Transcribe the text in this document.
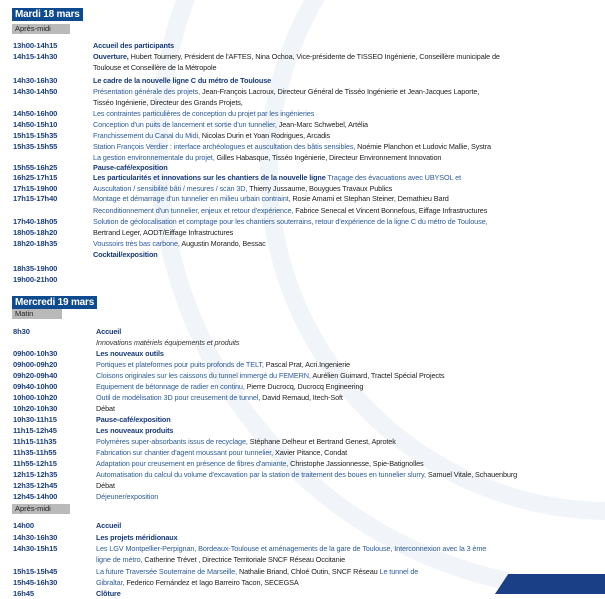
Mardi 18 mars
Après-midi
13h00-14h15	Accueil des participants
14h15-14h30	Ouverture, Hubert Tournery, Président de l'AFTES, Nina Ochoa, Vice-présidente de TISSEO Ingénierie, Conseillère municipale de
Toulouse et Conseillère de la Métropole
14h30-16h30	Le cadre de la nouvelle ligne C du métro de Toulouse
14h30-14h50	Présentation générale des projets, Jean-François Lacroux, Directeur Général de Tisséo Ingénierie et Jean-Jacques Laporte,
Tisséo Ingénierie, Directeur des Grands Projets,
14h50-16h00	Les contraintes particulières de conception du projet par les ingénieries
14h50-15h10	Conception d'un puits de lancement et sortie d'un tunnelier, Jean-Marc Schwebel, Artélia
15h15-15h35	Franchissement du Canal du Midi, Nicolas Durin et Yoan Rodrigues, Arcadis
15h35-15h55	Station François Verdier : interface archéologues et auscultation des bâtis sensibles, Noémie Planchon et Ludovic Mallie, Systra
La gestion environnementale du projet, Gilles Habasque, Tisséo Ingénierie, Directeur Environnement Innovation
15h55-16h25	Pause-café/exposition
16h25-17h15	Les particularités et innovations sur les chantiers de la nouvelle ligne Traçage des évacuations avec UBYSOL et
17h15-19h00	Auscultation / sensibilité bâti / mesures / scan 3D, Thierry Jussaume, Bouygues Travaux Publics
17h15-17h40	Montage et démarrage d'un tunnelier en milieu urbain contraint, Rosie Amami et Stephan Steiner, Demathieu Bard
Reconditionnement d'un tunnelier, enjeux et retour d'expérience, Fabrice Senecal et Vincent Bonnefous, Eiffage Infrastructures
17h40-18h05	Solution de géolocalisation et comptage pour les chantiers souterrains, retour d'expérience de la ligne C du métro de Toulouse,
18h05-18h20	Bertrand Leger, AODT/Eiffage Infrastructures
18h20-18h35	Voussoirs très bas carbone, Augustin Morando, Bessac
Cocktail/exposition
18h35-19h00
19h00-21h00
Mercredi 19 mars
Matin
8h30	Accueil
Innovations matériels équipements et produits
09h00-10h30	Les nouveaux outils
09h00-09h20	Portiques et plateformes pour puits profonds de TELT, Pascal Prat, Acri.Ingenierie
09h20-09h40	Cloisons originales sur les caissons du tunnel immergé du FEMERN, Aurélien Guimard, Tractel Spécial Projects
09h40-10h00	Equipement de bétonnage de radier en continu, Pierre Ducrocq, Ducrocq Engineering
10h00-10h20	Outil de modélisation 3D pour creusement de tunnel, David Remaud, Itech-Soft
10h20-10h30	Débat
10h30-11h15	Pause-café/exposition
11h15-12h45	Les nouveaux produits
11h15-11h35	Polymères super-absorbants issus de recyclage, Stéphane Delheur et Bertrand Genest, Aprotek
11h35-11h55	Fabrication sur chantier d'agent moussant pour tunnelier, Xavier Pitance, Condat
11h55-12h15	Adaptation pour creusement en présence de fibres d'amiante, Christophe Jassionnesse, Spie-Batignolles
12h15-12h35	Automatisation du calcul du volume d'excavation par la station de traitement des boues en tunnelier slurry, Samuel Vitale, Schauenburg
12h35-12h45	Débat
12h45-14h00	Déjeuner/exposition
Après-midi
14h00	Accueil
14h30-16h30	Les projets méridionaux
14h30-15h15	Les LGV Montpellier-Perpignan, Bordeaux-Toulouse et aménagements de la gare de Toulouse, Interconnexion avec la 3 ème
ligne de métro, Catherine Trévet , Directrice Territoriale SNCF Réseau Occitanie
15h15-15h45	La future Traversée Souterraine de Marseille, Nathalie Briand, Chloé Outin, SNCF Réseau Le tunnel de
15h45-16h30	Gibraltar, Federico Fernández et Iago Barreiro Tacon, SECEGSA
16h45	Clôture
